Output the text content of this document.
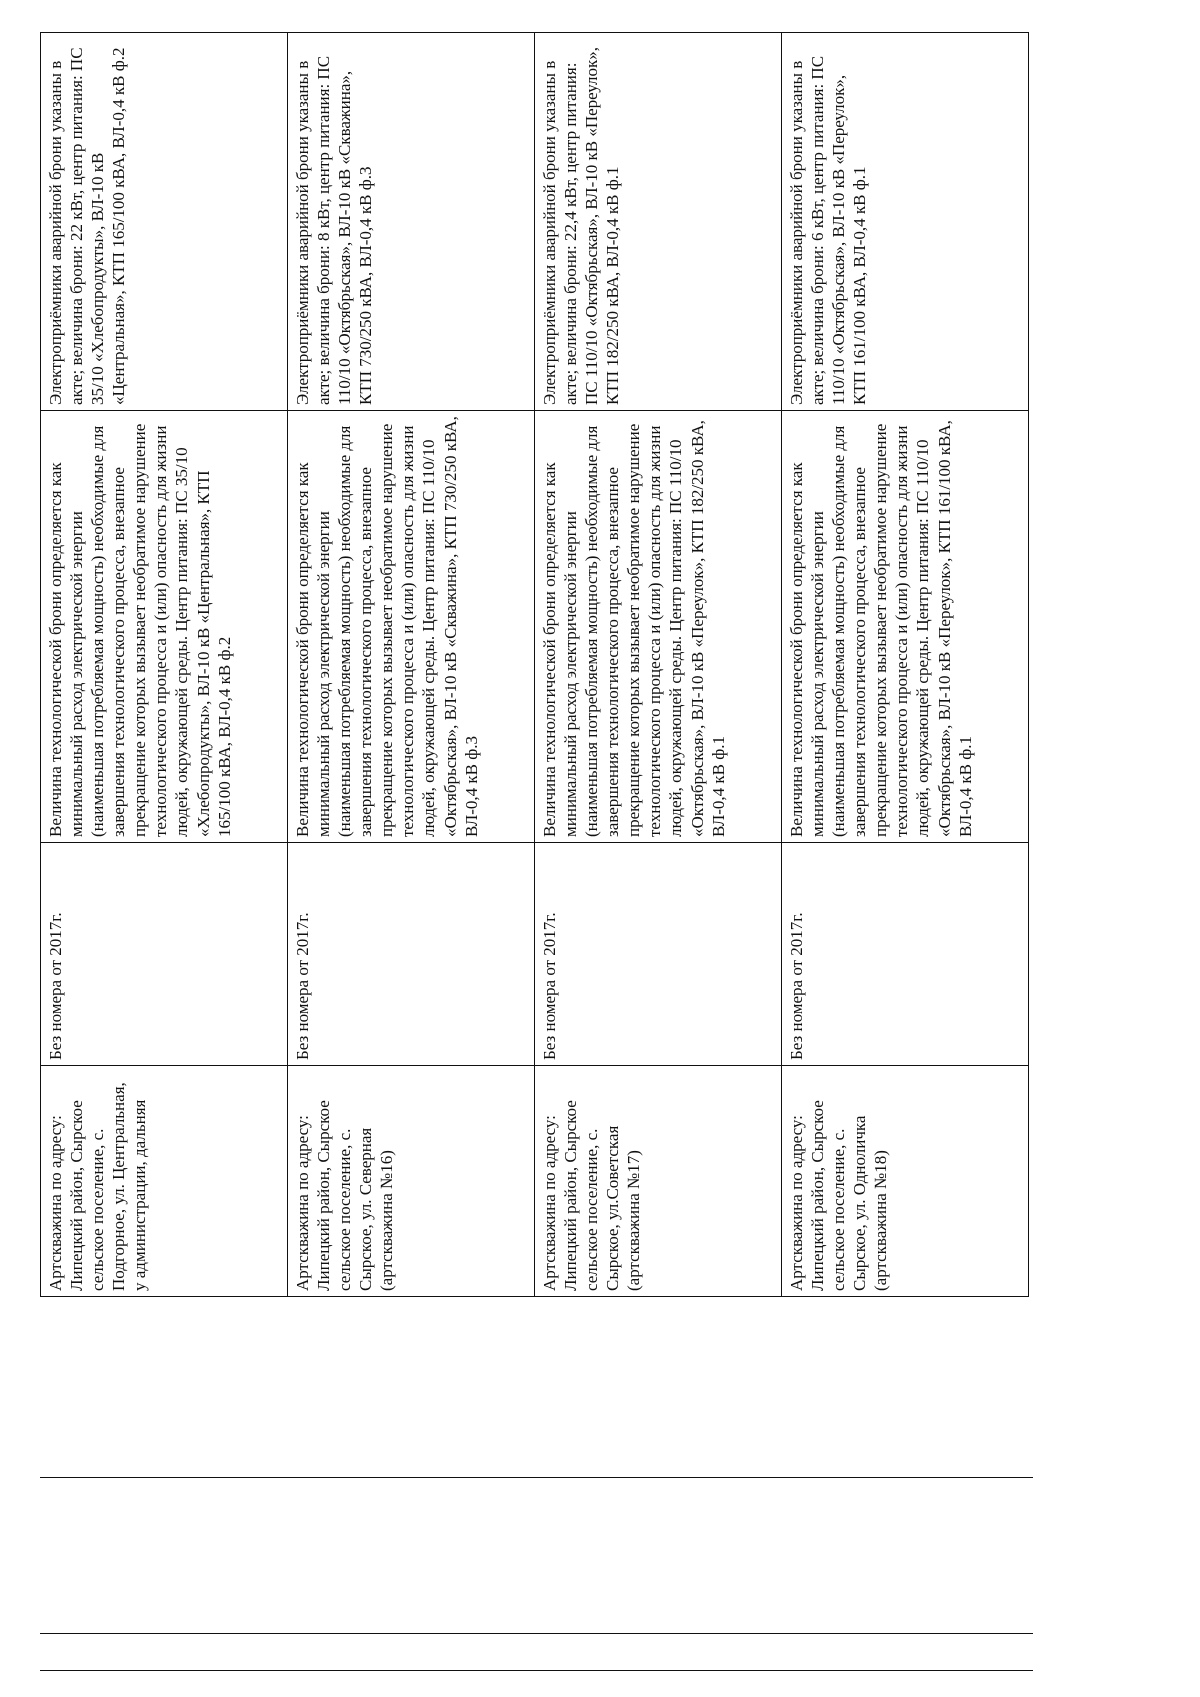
Артскважина по адресу: Липецкий район, Сырское сельское поселение, с. Подгорное, ул. Центральная, у администрации, дальняя	Без номера от 2017г.	Величина технологической брони определяется как минимальный расход электрической энергии (наименьшая потребляемая мощность) необходимые для завершения технологического процесса, внезапное прекращение которых вызывает необратимое нарушение технологического процесса и (или) опасность для жизни людей, окружающей среды. Центр питания: ПС 35/10 «Хлебопродукты», ВЛ-10 кВ «Центральная», КТП 165/100 кВА, ВЛ-0,4 кВ ф.2	Электроприёмники аварийной брони указаны в акте; величина брони: 22 кВт, центр питания: ПС 35/10 «Хлебопродукты», ВЛ-10 кВ «Центральная», КТП 165/100 кВА, ВЛ-0,4 кВ ф.2
Артскважина по адресу: Липецкий район, Сырское сельское поселение, с. Сырское, ул. Северная (артскважина №16)	Без номера от 2017г.	Величина технологической брони определяется как минимальный расход электрической энергии (наименьшая потребляемая мощность) необходимые для завершения технологического процесса, внезапное прекращение которых вызывает необратимое нарушение технологического процесса и (или) опасность для жизни людей, окружающей среды. Центр питания: ПС 110/10 «Октябрьская», ВЛ-10 кВ «Скважина», КТП 730/250 кВА, ВЛ-0,4 кВ ф.3	Электроприёмники аварийной брони указаны в акте; величина брони: 8 кВт, центр питания: ПС 110/10 «Октябрьская», ВЛ-10 кВ «Скважина», КТП 730/250 кВА, ВЛ-0,4 кВ ф.3
Артскважина по адресу: Липецкий район, Сырское сельское поселение, с. Сырское, ул.Советская (артскважина №17)	Без номера от 2017г.	Величина технологической брони определяется как минимальный расход электрической энергии (наименьшая потребляемая мощность) необходимые для завершения технологического процесса, внезапное прекращение которых вызывает необратимое нарушение технологического процесса и (или) опасность для жизни людей, окружающей среды. Центр питания: ПС 110/10 «Октябрьская», ВЛ-10 кВ «Переулок», КТП 182/250 кВА, ВЛ-0,4 кВ ф.1	Электроприёмники аварийной брони указаны в акте; величина брони: 22,4 кВт, центр питания: ПС 110/10 «Октябрьская», ВЛ-10 кВ «Переулок», КТП 182/250 кВА, ВЛ-0,4 кВ ф.1
Артскважина по адресу: Липецкий район, Сырское сельское поселение, с. Сырское, ул. Одноличка (артскважина №18)	Без номера от 2017г.	Величина технологической брони определяется как минимальный расход электрической энергии (наименьшая потребляемая мощность) необходимые для завершения технологического процесса, внезапное прекращение которых вызывает необратимое нарушение технологического процесса и (или) опасность для жизни людей, окружающей среды. Центр питания: ПС 110/10 «Октябрьская», ВЛ-10 кВ «Переулок», КТП 161/100 кВА, ВЛ-0,4 кВ ф.1	Электроприёмники аварийной брони указаны в акте; величина брони: 6 кВт, центр питания: ПС 110/10 «Октябрьская», ВЛ-10 кВ «Переулок», КТП 161/100 кВА, ВЛ-0,4 кВ ф.1
